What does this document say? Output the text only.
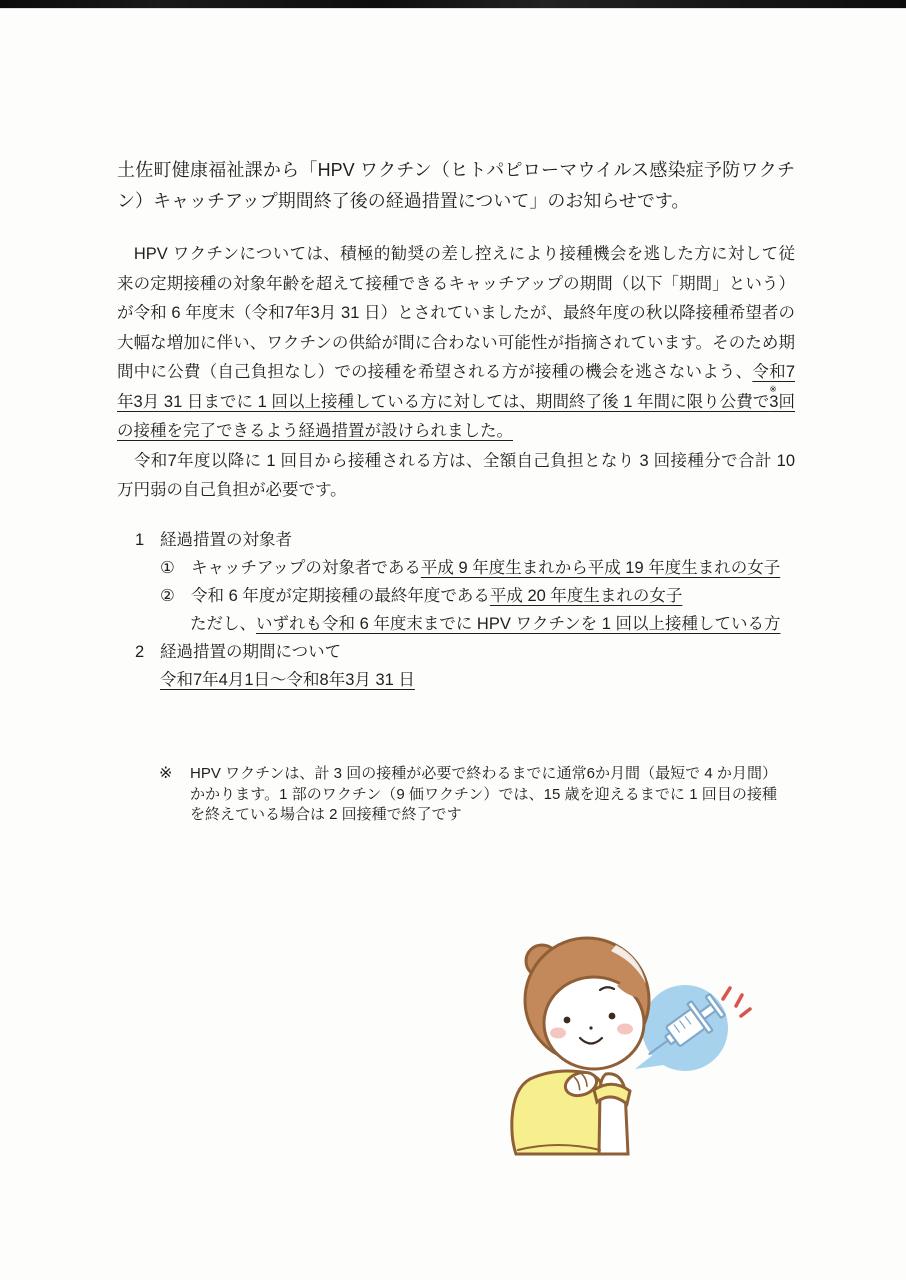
土佐町健康福祉課から「HPV ワクチン（ヒトパピローマウイルス感染症予防ワクチン）キャッチアップ期間終了後の経過措置について」のお知らせです。

　HPV ワクチンについては、積極的勧奨の差し控えにより接種機会を逃した方に対して従来の定期接種の対象年齢を超えて接種できるキャッチアップの期間（以下「期間」という）が令和 6 年度末（令和7年3月 31 日）とされていましたが、最終年度の秋以降接種希望者の大幅な増加に伴い、ワクチンの供給が間に合わない可能性が指摘されています。そのため期間中に公費（自己負担なし）での接種を希望される方が接種の機会を逃さないよう、令和7年3月 31 日までに 1 回以上接種している方に対しては、期間終了後 1 年間に限り公費で3
※
回の接種を完了できるよう経過措置が設けられました。
　令和7年度以降に 1 回目から接種される方は、全額自己負担となり 3 回接種分で合計 10 万円弱の自己負担が必要です。
1 経過措置の対象者
① キャッチアップの対象者である平成 9 年度生まれから平成 19 年度生まれの女子
② 令和 6 年度が定期接種の最終年度である平成 20 年度生まれの女子
ただし、いずれも令和 6 年度末までに HPV ワクチンを 1 回以上接種している方
2 経過措置の期間について
令和7年4月1日～令和8年3月 31 日
※	HPV ワクチンは、計 3 回の接種が必要で終わるまでに通常6か月間（最短で 4 か月間）かかります。1 部のワクチン（9 価ワクチン）では、15 歳を迎えるまでに 1 回目の接種を終えている場合は 2 回接種で終了です
